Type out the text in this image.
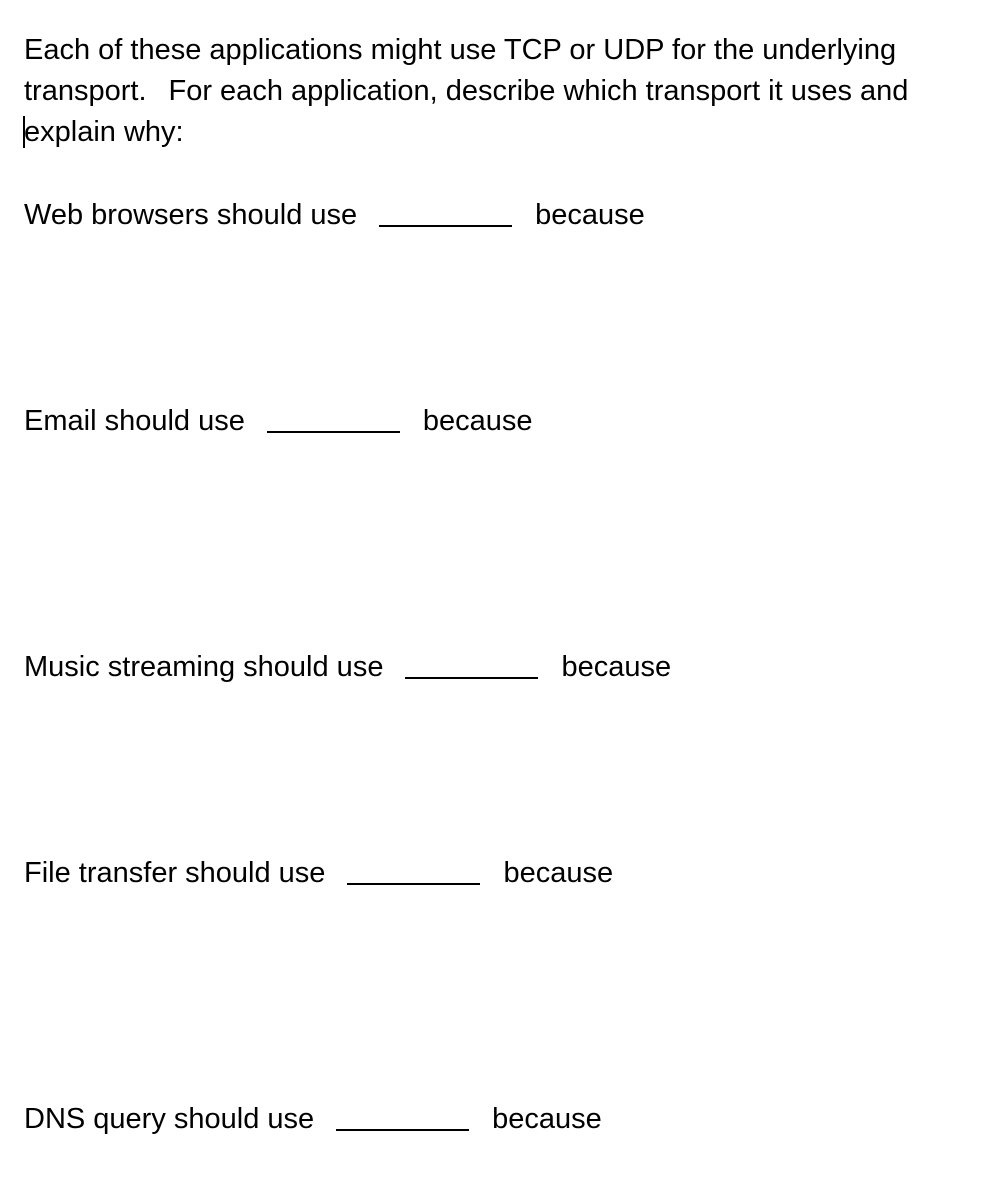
Each of these applications might use TCP or UDP for the underlying
transport. For each application, describe which transport it uses and
explain why:

Web browsers should use	because
Email should use	because
Music streaming should use	because
File transfer should use	because
DNS query should use	because
